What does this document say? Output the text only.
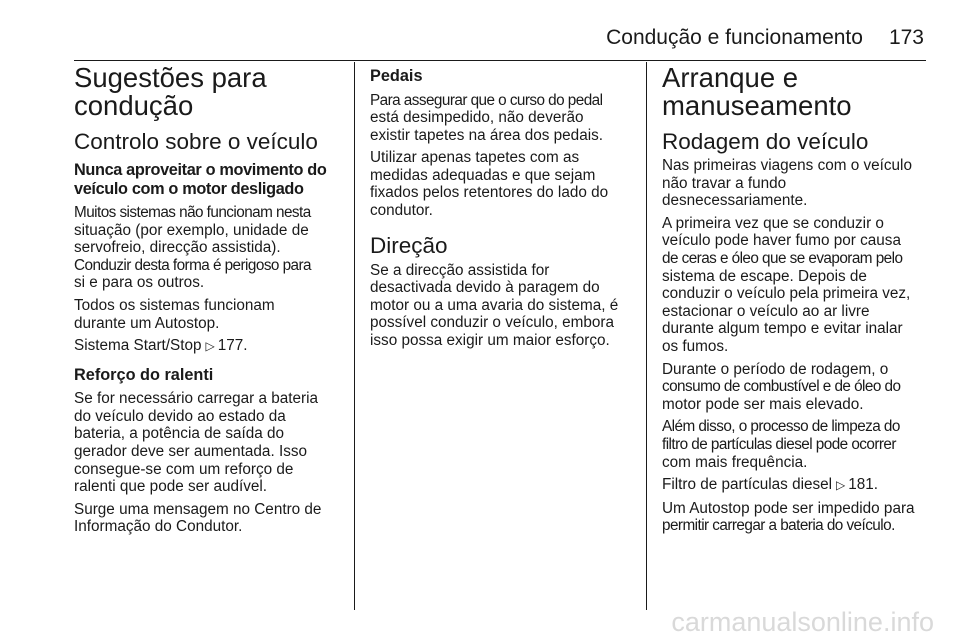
Condução e funcionamento 173
Sugestões para
condução
Controlo sobre o veículo
Nunca aproveitar o movimento do
veículo com o motor desligado

Muitos sistemas não funcionam nesta
situação (por exemplo, unidade de
servofreio, direcção assistida).
Conduzir desta forma é perigoso para
si e para os outros.

Todos os sistemas funcionam
durante um Autostop.

Sistema Start/Stop ▷ 177.

Reforço do ralenti

Se for necessário carregar a bateria
do veículo devido ao estado da
bateria, a potência de saída do
gerador deve ser aumentada. Isso
consegue-se com um reforço de
ralenti que pode ser audível.

Surge uma mensagem no Centro de
Informação do Condutor.

Pedais

Para assegurar que o curso do pedal
está desimpedido, não deverão
existir tapetes na área dos pedais.

Utilizar apenas tapetes com as
medidas adequadas e que sejam
fixados pelos retentores do lado do
condutor.

Direção

Se a direcção assistida for
desactivada devido à paragem do
motor ou a uma avaria do sistema, é
possível conduzir o veículo, embora
isso possa exigir um maior esforço.

Arranque e
manuseamento
Rodagem do veículo

Nas primeiras viagens com o veículo
não travar a fundo
desnecessariamente.

A primeira vez que se conduzir o
veículo pode haver fumo por causa
de ceras e óleo que se evaporam pelo
sistema de escape. Depois de
conduzir o veículo pela primeira vez,
estacionar o veículo ao ar livre
durante algum tempo e evitar inalar
os fumos.

Durante o período de rodagem, o
consumo de combustível e de óleo do
motor pode ser mais elevado.

Além disso, o processo de limpeza do
filtro de partículas diesel pode ocorrer
com mais frequência.

Filtro de partículas diesel ▷ 181.

Um Autostop pode ser impedido para
permitir carregar a bateria do veículo.

carmanualsonline.info
